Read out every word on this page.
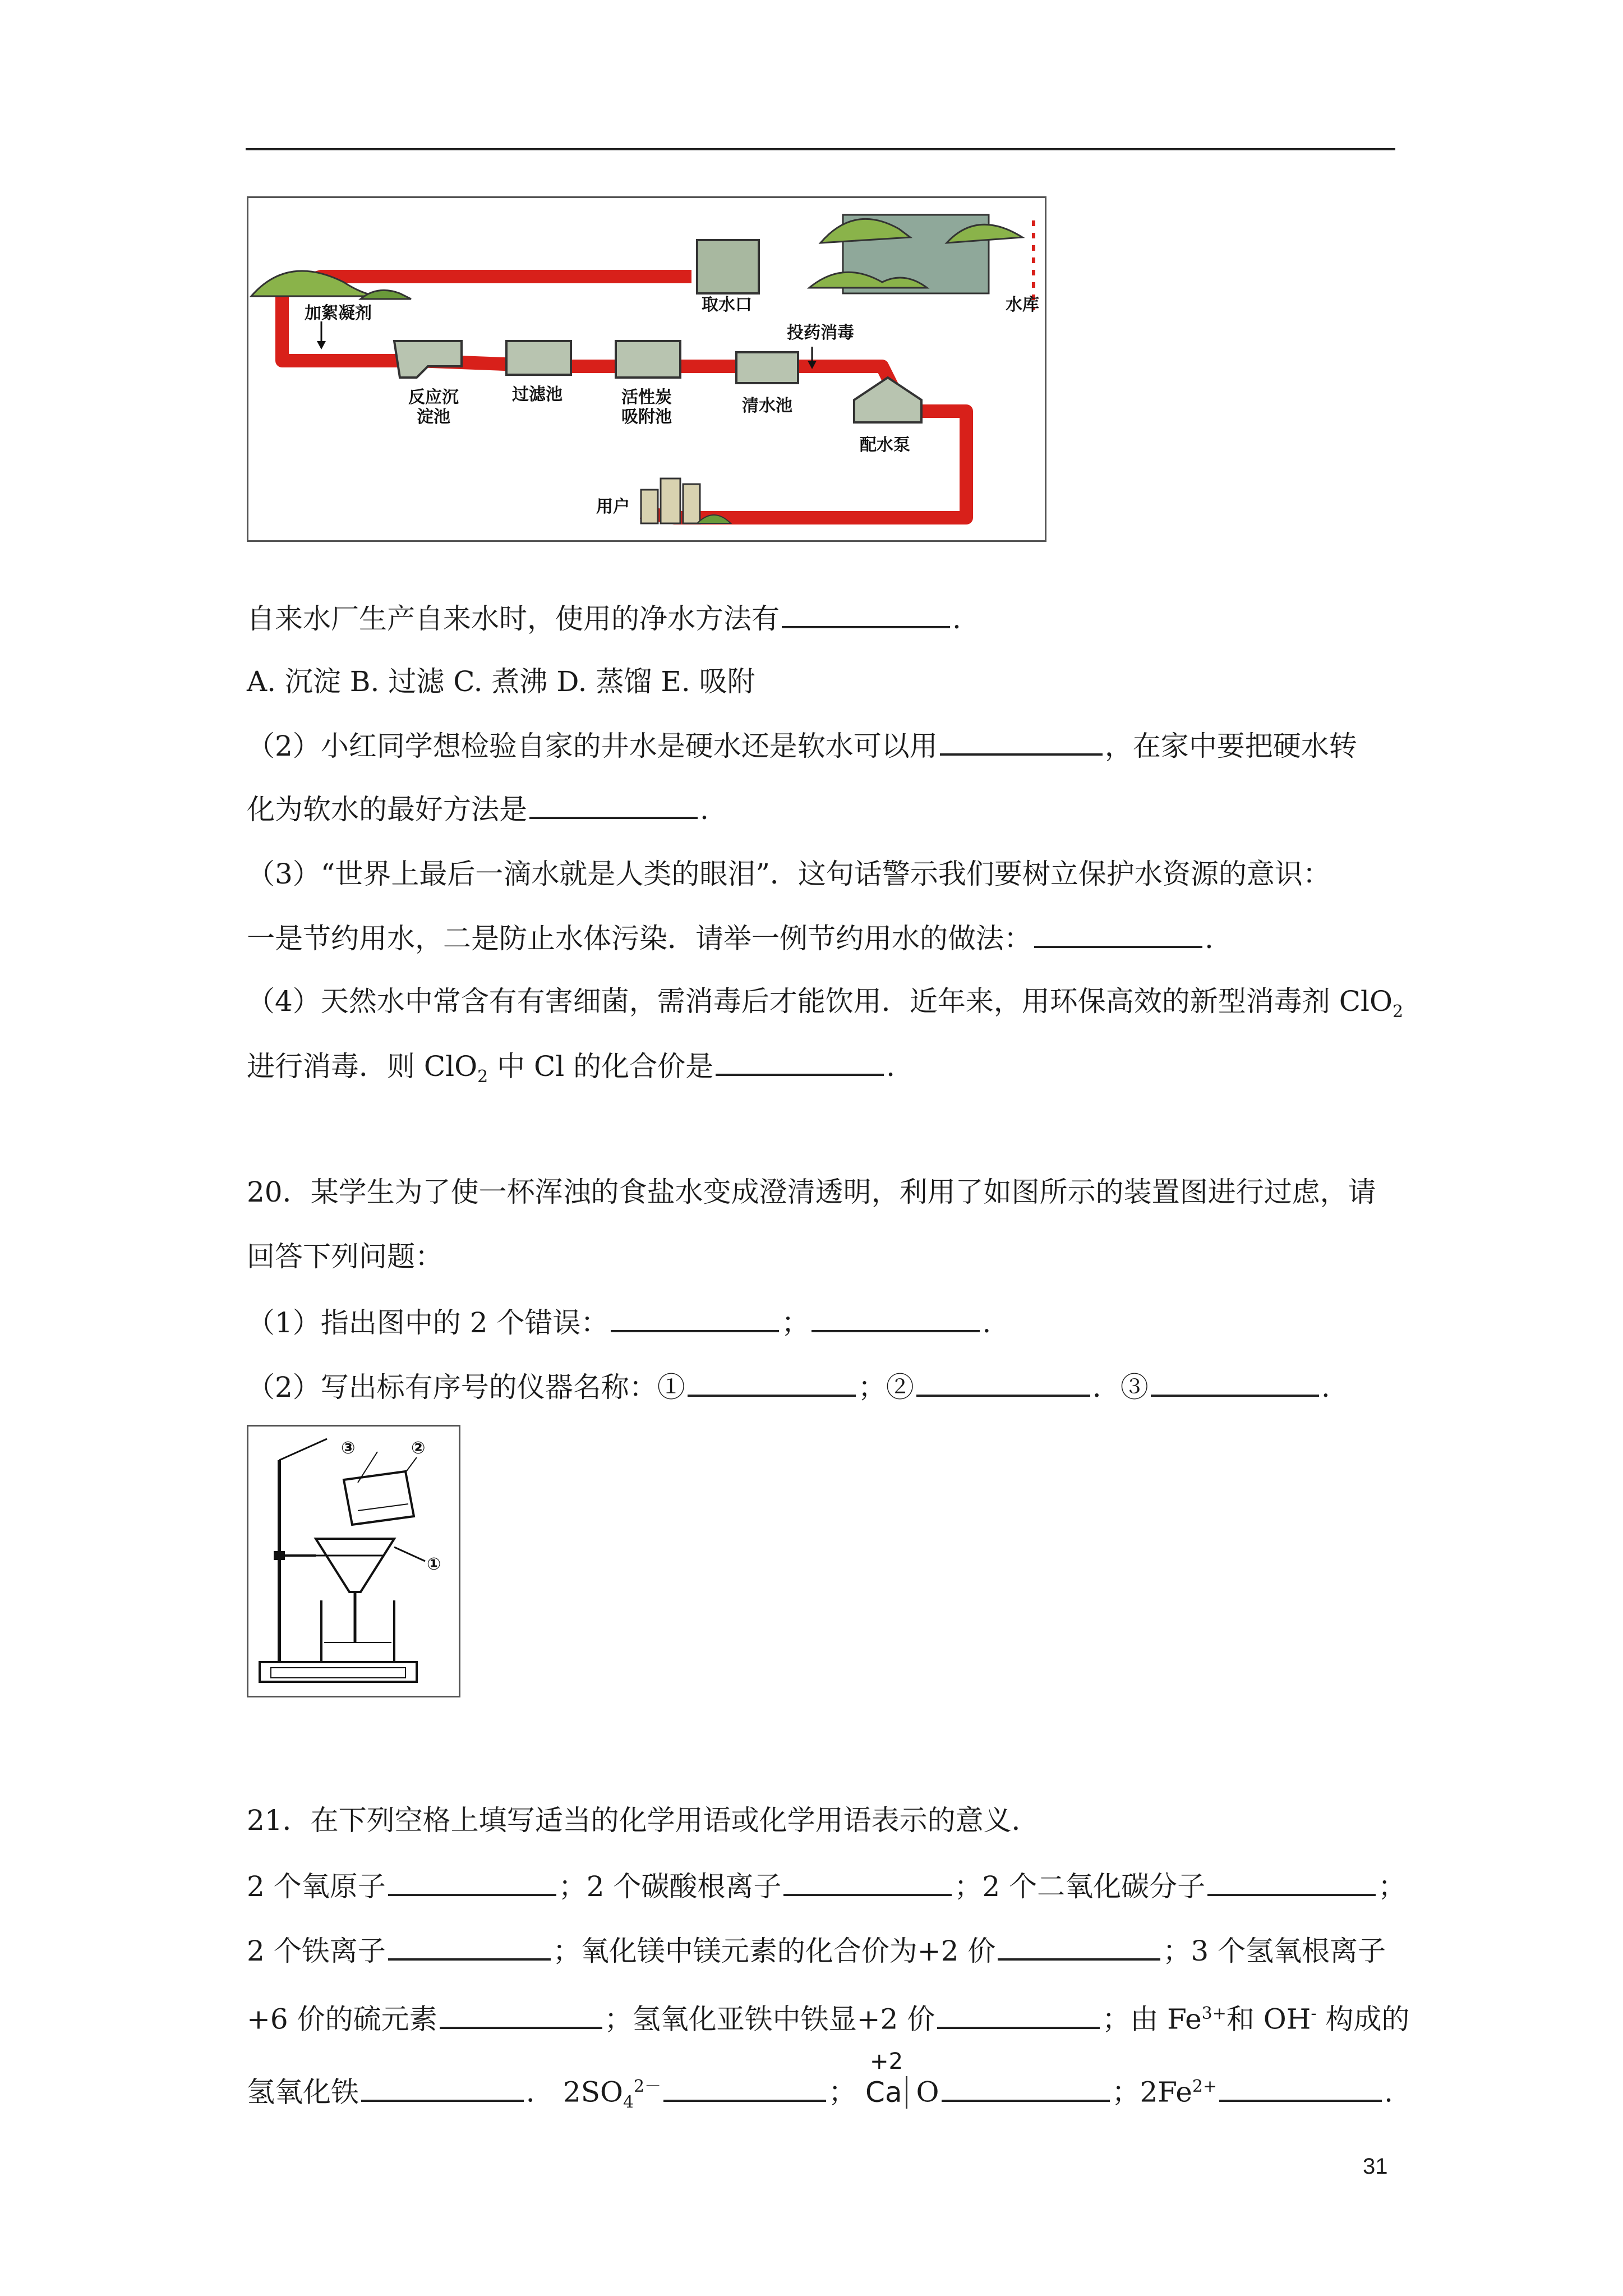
取水口	水库
加絮凝剂
投药消毒
反应沉
淀池
过滤池	活性炭
吸附池
清水池
配水泵
用户
自来水厂生产自来水时，使用的净水方法有	.
A. 沉淀 B. 过滤 C. 煮沸 D. 蒸馏 E. 吸附
（2）小红同学想检验自家的井水是硬水还是软水可以用	，在家中要把硬水转
化为软水的最好方法是	.
（3）“世界上最后一滴水就是人类的眼泪”．这句话警示我们要树立保护水资源的意识：
一是节约用水，二是防止水体污染．请举一例节约用水的做法：	.
（4）天然水中常含有有害细菌，需消毒后才能饮用．近年来，用环保高效的新型消毒剂 ClO$_2$
进行消毒．则 ClO$_2$ 中 Cl 的化合价是	.
20．某学生为了使一杯浑浊的食盐水变成澄清透明，利用了如图所示的装置图进行过虑，请
回答下列问题：
（1）指出图中的 2 个错误：	；	.
（2）写出标有序号的仪器名称：①	；②	．③	.
③	②
①
21．在下列空格上填写适当的化学用语或化学用语表示的意义．
2 个氧原子	；2 个碳酸根离子	；2 个二氧化碳分子	；
2 个铁离子	；氧化镁中镁元素的化合价为+2 价	；3 个氢氧根离子
+6 价的硫元素	；氢氧化亚铁中铁显+2 价	；由 $Fe^{3+}$和 OH- 构成的
氢氧化铁	． $2SO_4^{2-}$	；
+2
Ca O	；$2Fe^{2+}$	.
31
